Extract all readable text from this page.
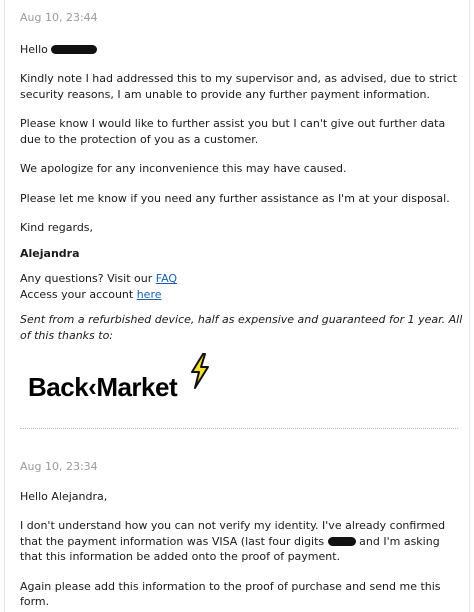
Aug 10, 23:44

Hello

Kindly note I had addressed this to my supervisor and, as advised, due to strict security reasons, I am unable to provide any further payment information.

Please know I would like to further assist you but I can't give out further data due to the protection of you as a customer.

We apologize for any inconvenience this may have caused.

Please let me know if you need any further assistance as I'm at your disposal.

Kind regards,

Alejandra

Any questions? Visit our FAQ

Access your account here

Sent from a refurbished device, half as expensive and guaranteed for 1 year. All of this thanks to:

Back‹Market

Aug 10, 23:34

Hello Alejandra,

I don't understand how you can not verify my identity. I've already confirmed that the payment information was VISA (last four digits	and I'm asking that this information be added onto the proof of payment.

Again please add this information to the proof of purchase and send me this form.
